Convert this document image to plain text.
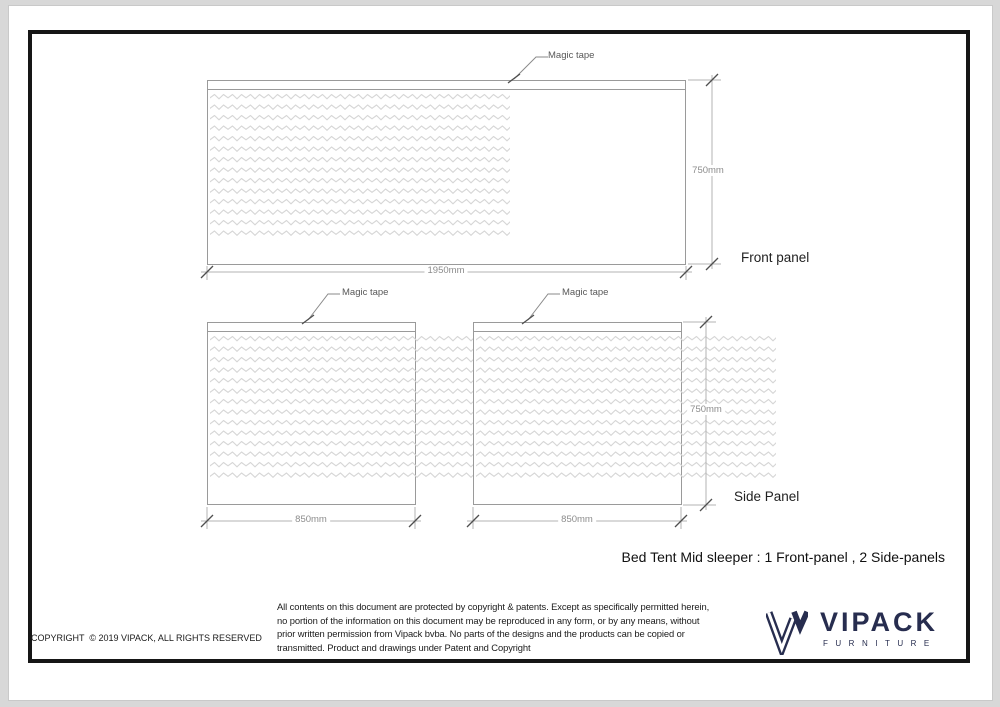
Magic tape
Magic tape	Magic tape
750mm
1950mm
750mm
850mm	850mm
Front panel
Side Panel
Bed Tent Mid sleeper : 1 Front-panel , 2 Side-panels
COPYRIGHT  © 2019 VIPACK, ALL RIGHTS RESERVED
All contents on this document are protected by copyright & patents. Except as specifically permitted herein,
no portion of the information on this document may be reproduced in any form, or by any means, without
prior written permission from Vipack bvba. No parts of the designs and the products can be copied or
transmitted. Product and drawings under Patent and Copyright
VIPACK
FURNITURE
